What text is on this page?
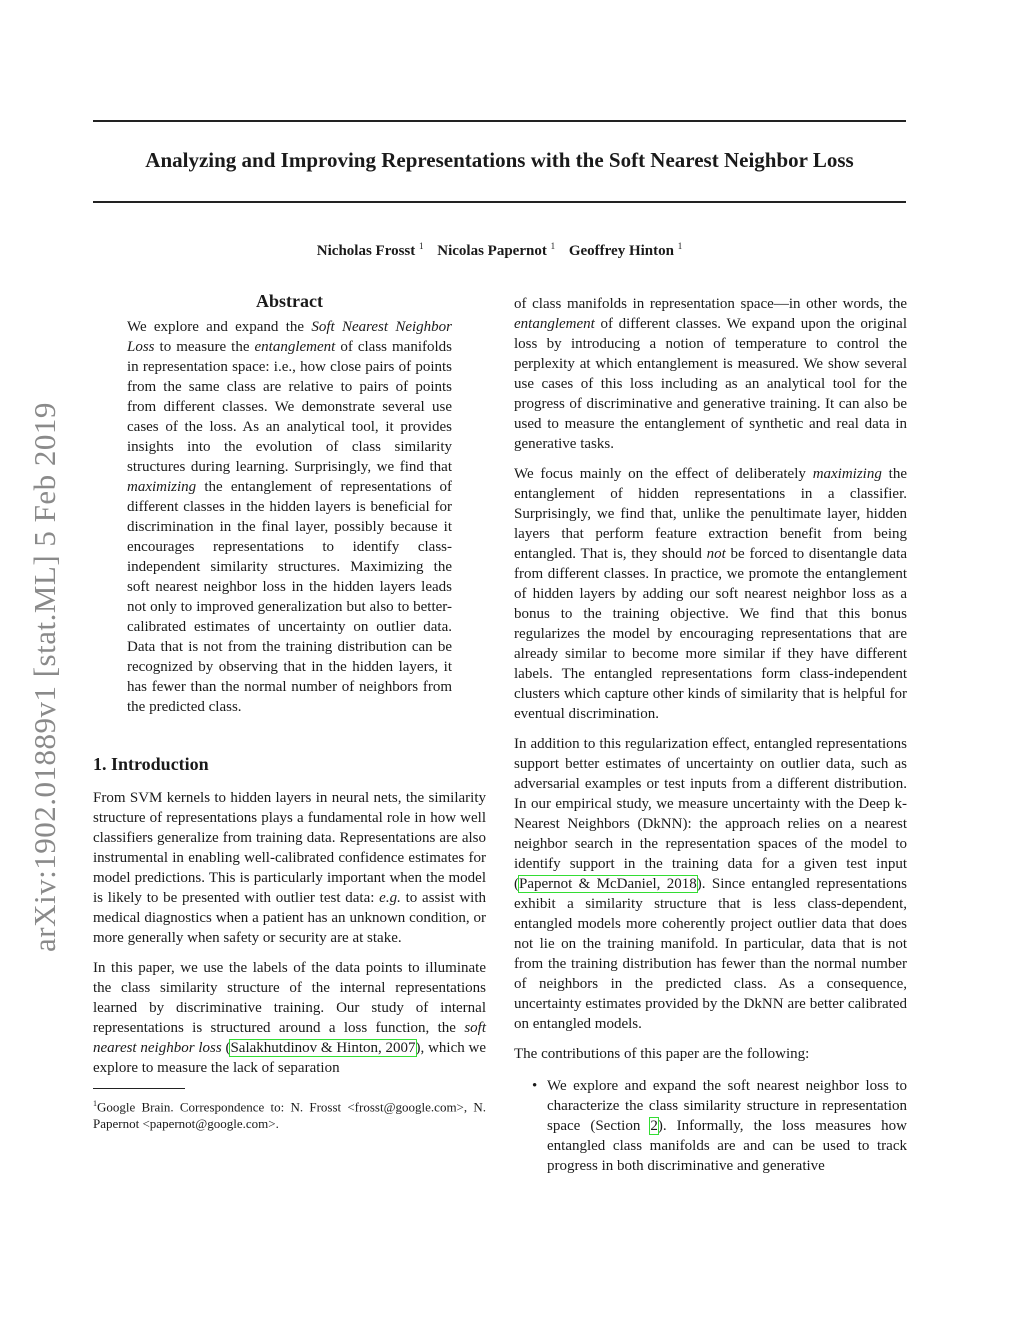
Analyzing and Improving Representations with the Soft Nearest Neighbor Loss
Nicholas Frosst $^1$ Nicolas Papernot $^1$ Geoffrey Hinton $^1$
arXiv:1902.01889v1 [stat.ML] 5 Feb 2019
Abstract
We explore and expand the Soft Nearest Neighbor Loss to measure the entanglement of class manifolds in representation space: i.e., how close pairs of points from the same class are relative to pairs of points from different classes. We demonstrate several use cases of the loss. As an analytical tool, it provides insights into the evolution of class similarity structures during learning. Surprisingly, we find that maximizing the entanglement of representations of different classes in the hidden layers is beneficial for discrimination in the final layer, possibly because it encourages representations to identify class-independent similarity structures. Maximizing the soft nearest neighbor loss in the hidden layers leads not only to improved generalization but also to better-calibrated estimates of uncertainty on outlier data. Data that is not from the training distribution can be recognized by observing that in the hidden layers, it has fewer than the normal number of neighbors from the predicted class.
1. Introduction

From SVM kernels to hidden layers in neural nets, the similarity structure of representations plays a fundamental role in how well classifiers generalize from training data. Representations are also instrumental in enabling well-calibrated confidence estimates for model predictions. This is particularly important when the model is likely to be presented with outlier test data: e.g. to assist with medical diagnostics when a patient has an unknown condition, or more generally when safety or security are at stake.

In this paper, we use the labels of the data points to illuminate the class similarity structure of the internal representations learned by discriminative training. Our study of internal representations is structured around a loss function, the soft nearest neighbor loss (Salakhutdinov & Hinton, 2007), which we explore to measure the lack of separation

$^1$Google Brain. Correspondence to: N. Frosst <frosst@google.com>, N. Papernot <papernot@google.com>.

of class manifolds in representation space—in other words, the entanglement of different classes. We expand upon the original loss by introducing a notion of temperature to control the perplexity at which entanglement is measured. We show several use cases of this loss including as an analytical tool for the progress of discriminative and generative training. It can also be used to measure the entanglement of synthetic and real data in generative tasks.

We focus mainly on the effect of deliberately maximizing the entanglement of hidden representations in a classifier. Surprisingly, we find that, unlike the penultimate layer, hidden layers that perform feature extraction benefit from being entangled. That is, they should not be forced to disentangle data from different classes. In practice, we promote the entanglement of hidden layers by adding our soft nearest neighbor loss as a bonus to the training objective. We find that this bonus regularizes the model by encouraging representations that are already similar to become more similar if they have different labels. The entangled representations form class-independent clusters which capture other kinds of similarity that is helpful for eventual discrimination.

In addition to this regularization effect, entangled representations support better estimates of uncertainty on outlier data, such as adversarial examples or test inputs from a different distribution. In our empirical study, we measure uncertainty with the Deep k-Nearest Neighbors (DkNN): the approach relies on a nearest neighbor search in the representation spaces of the model to identify support in the training data for a given test input (Papernot & McDaniel, 2018). Since entangled representations exhibit a similarity structure that is less class-dependent, entangled models more coherently project outlier data that does not lie on the training manifold. In particular, data that is not from the training distribution has fewer than the normal number of neighbors in the predicted class. As a consequence, uncertainty estimates provided by the DkNN are better calibrated on entangled models.

The contributions of this paper are the following:

• We explore and expand the soft nearest neighbor loss to characterize the class similarity structure in representation space (Section 2). Informally, the loss measures how entangled class manifolds are and can be used to track progress in both discriminative and generative
